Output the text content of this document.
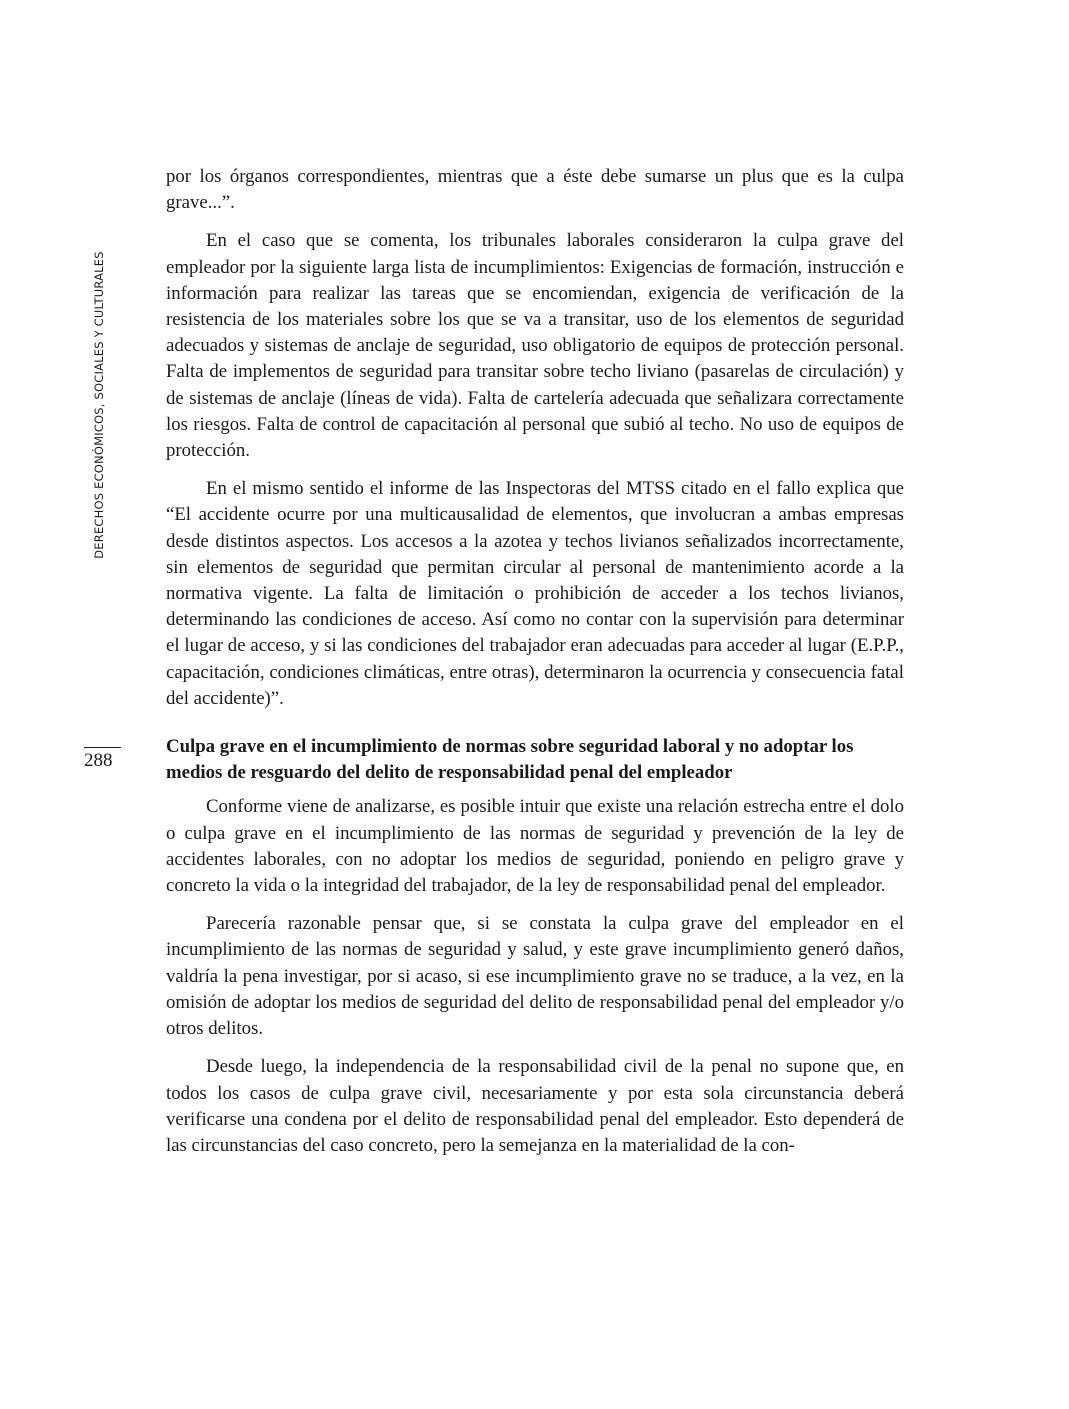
DERECHOS ECONÓMICOS, SOCIALES Y CULTURALES
288

por los órganos correspondientes, mientras que a éste debe sumarse un plus que es la culpa grave...”.

En el caso que se comenta, los tribunales laborales consideraron la culpa grave del empleador por la siguiente larga lista de incumplimientos: Exigencias de formación, instrucción e información para realizar las tareas que se encomiendan, exigencia de verificación de la resistencia de los materiales sobre los que se va a transitar, uso de los elementos de seguridad adecuados y sistemas de anclaje de seguridad, uso obligatorio de equipos de protección personal. Falta de implementos de seguridad para transitar sobre techo liviano (pasarelas de circulación) y de sistemas de anclaje (líneas de vida). Falta de cartelería adecuada que señalizara correctamente los riesgos. Falta de control de capacitación al personal que subió al techo. No uso de equipos de protección.

En el mismo sentido el informe de las Inspectoras del MTSS citado en el fallo explica que “El accidente ocurre por una multicausalidad de elementos, que involucran a ambas empresas desde distintos aspectos. Los accesos a la azotea y techos livianos señalizados incorrectamente, sin elementos de seguridad que permitan circular al personal de mantenimiento acorde a la normativa vigente. La falta de limitación o prohibición de acceder a los techos livianos, determinando las condiciones de acceso. Así como no contar con la supervisión para determinar el lugar de acceso, y si las condiciones del trabajador eran adecuadas para acceder al lugar (E.P.P., capacitación, condiciones climáticas, entre otras), determinaron la ocurrencia y consecuencia fatal del accidente)”.

Culpa grave en el incumplimiento de normas sobre seguridad laboral y no adoptar los medios de resguardo del delito de responsabilidad penal del empleador

Conforme viene de analizarse, es posible intuir que existe una relación estrecha entre el dolo o culpa grave en el incumplimiento de las normas de seguridad y prevención de la ley de accidentes laborales, con no adoptar los medios de seguridad, poniendo en peligro grave y concreto la vida o la integridad del trabajador, de la ley de responsabilidad penal del empleador.

Parecería razonable pensar que, si se constata la culpa grave del empleador en el incumplimiento de las normas de seguridad y salud, y este grave incumplimiento generó daños, valdría la pena investigar, por si acaso, si ese incumplimiento grave no se traduce, a la vez, en la omisión de adoptar los medios de seguridad del delito de responsabilidad penal del empleador y/o otros delitos.

Desde luego, la independencia de la responsabilidad civil de la penal no supone que, en todos los casos de culpa grave civil, necesariamente y por esta sola circunstancia deberá verificarse una condena por el delito de responsabilidad penal del empleador. Esto dependerá de las circunstancias del caso concreto, pero la semejanza en la materialidad de la con-
